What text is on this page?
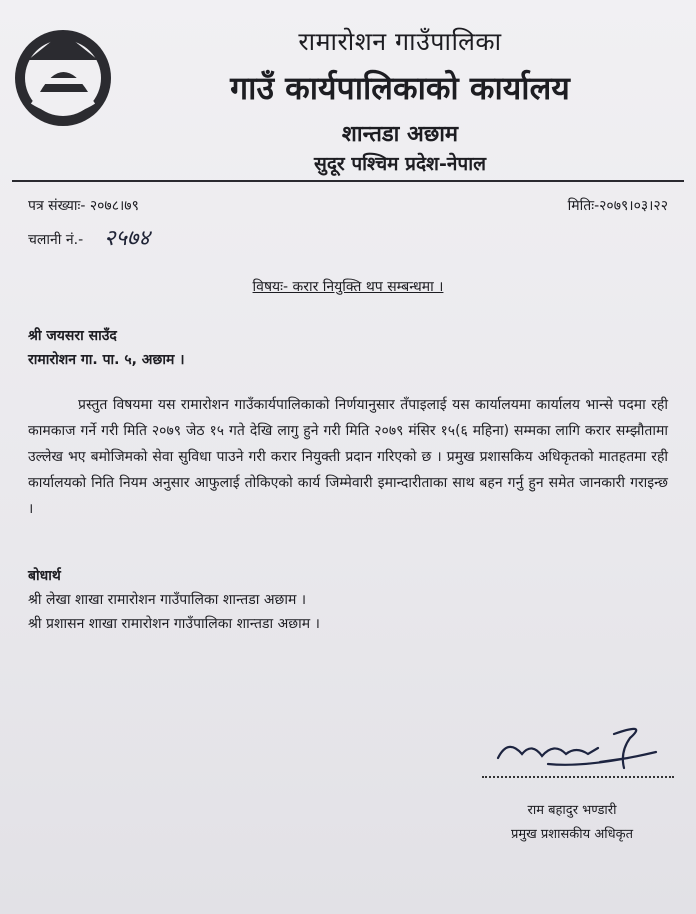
रामारोशन गाउँपालिका
गाउँ कार्यपालिकाको कार्यालय
शान्तडा अछाम
सुदूर पश्चिम प्रदेश-नेपाल
पत्र संख्याः- २०७८।७९	मितिः-२०७९।०३।२२
चलानी नं.- २५७४
विषयः- करार नियुक्ति थप सम्बन्धमा ।
श्री जयसरा साउँद
रामारोशन गा. पा. ५, अछाम ।

प्रस्तुत विषयमा यस रामारोशन गाउँकार्यपालिकाको निर्णयानुसार तँपाइलाई यस कार्यालयमा कार्यालय भान्से पदमा रही कामकाज गर्ने गरी मिति २०७९ जेठ १५ गते देखि लागु हुने गरी मिति २०७९ मंसिर १५(६ महिना) सम्मका लागि करार सम्झौतामा उल्लेख भए बमोजिमको सेवा सुविधा पाउने गरी करार नियुक्ती प्रदान गरिएको छ । प्रमुख प्रशासकिय अधिकृतको मातहतमा रही कार्यालयको निति नियम अनुसार आफुलाई तोकिएको कार्य जिम्मेवारी इमान्दारीताका साथ बहन गर्नु हुन समेत जानकारी गराइन्छ ।

बोधार्थ
श्री लेखा शाखा रामारोशन गाउँपालिका शान्तडा अछाम ।
श्री प्रशासन शाखा रामारोशन गाउँपालिका शान्तडा अछाम ।
राम बहादुर भण्डारी
प्रमुख प्रशासकीय अधिकृत
